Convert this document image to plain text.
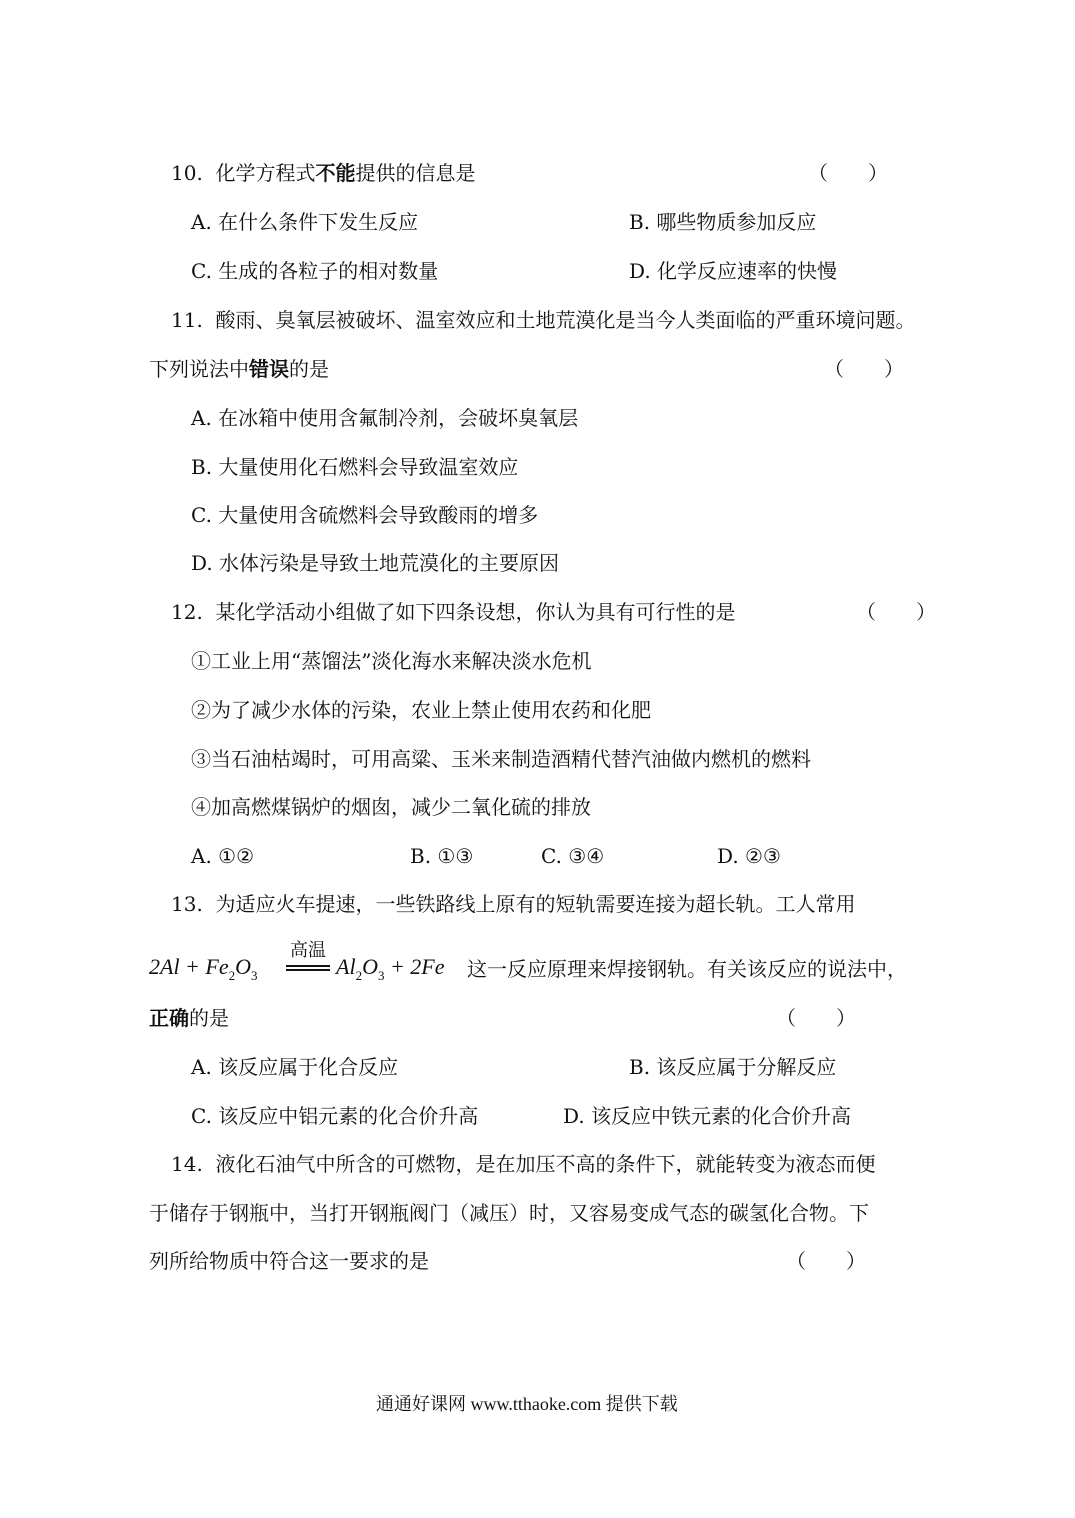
10. 化学方程式不能提供的信息是	（　　）
A. 在什么条件下发生反应	B. 哪些物质参加反应
C. 生成的各粒子的相对数量	D. 化学反应速率的快慢
11. 酸雨、臭氧层被破坏、温室效应和土地荒漠化是当今人类面临的严重环境问题。
下列说法中错误的是	（　　）
A. 在冰箱中使用含氟制冷剂，会破坏臭氧层
B. 大量使用化石燃料会导致温室效应
C. 大量使用含硫燃料会导致酸雨的增多
D. 水体污染是导致土地荒漠化的主要原因
12. 某化学活动小组做了如下四条设想，你认为具有可行性的是	（　　）
①工业上用“蒸馏法”淡化海水来解决淡水危机
②为了减少水体的污染，农业上禁止使用农药和化肥
③当石油枯竭时，可用高粱、玉米来制造酒精代替汽油做内燃机的燃料
④加高燃煤锅炉的烟囱，减少二氧化硫的排放
A. ①②	B. ①③	C. ③④	D. ②③
13. 为适应火车提速，一些铁路线上原有的短轨需要连接为超长轨。工人常用
$2Al + Fe_2O_3$
高温
$Al_2O_3 + 2Fe$ 这一反应原理来焊接钢轨。有关该反应的说法中，
正确的是	（　　）
A. 该反应属于化合反应	B. 该反应属于分解反应
C. 该反应中铝元素的化合价升高	D. 该反应中铁元素的化合价升高
14. 液化石油气中所含的可燃物，是在加压不高的条件下，就能转变为液态而便
于储存于钢瓶中，当打开钢瓶阀门（减压）时，又容易变成气态的碳氢化合物。下
列所给物质中符合这一要求的是	（　　）
通通好课网 www.tthaoke.com 提供下载
